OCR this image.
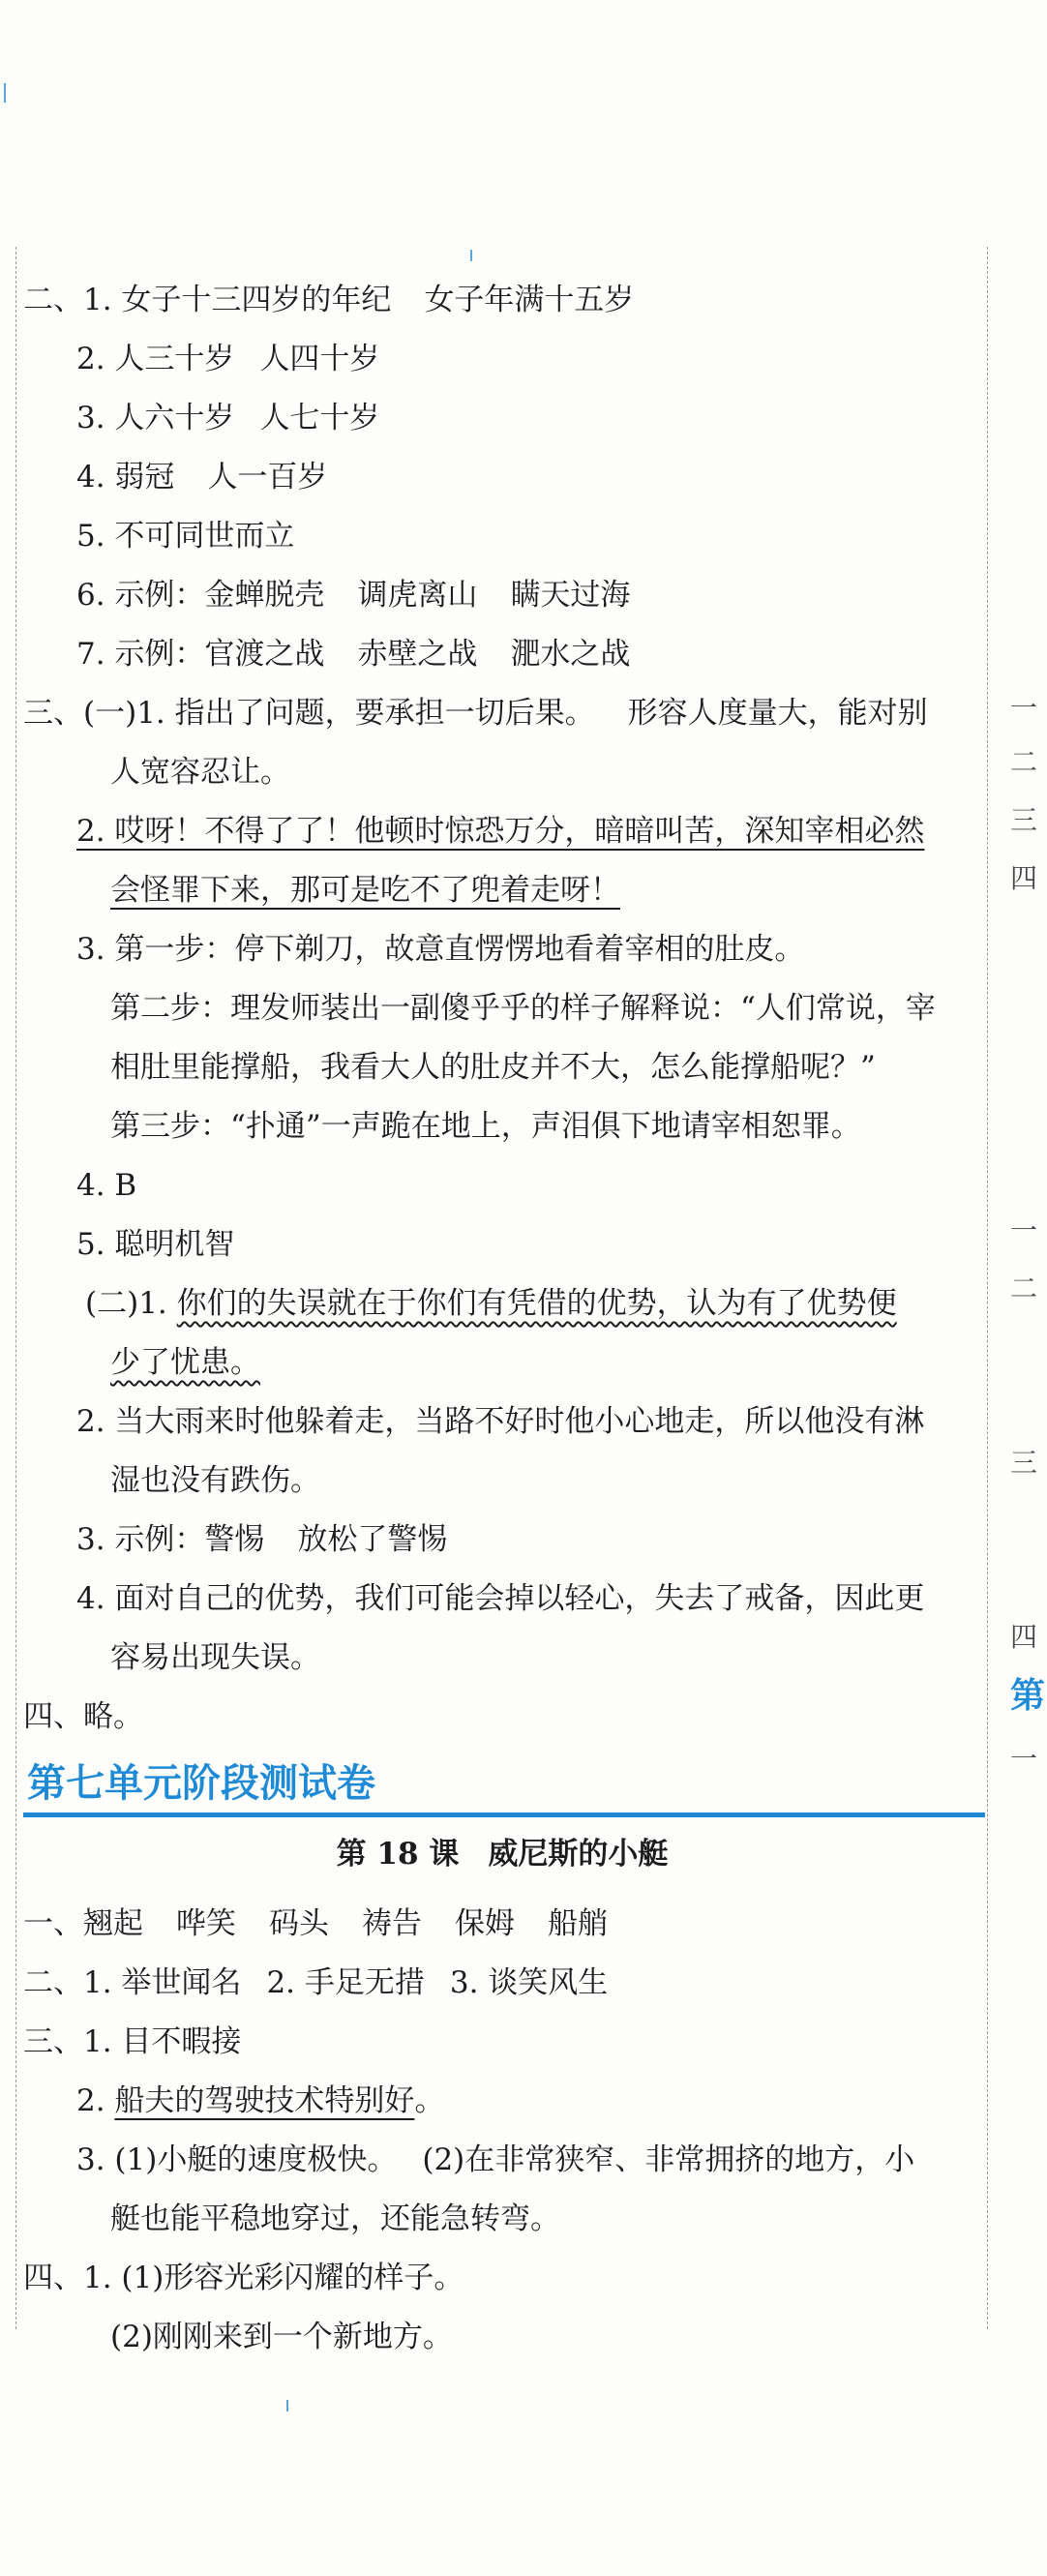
二、1. 女子十三四岁的年纪 女子年满十五岁
2. 人三十岁 人四十岁
3. 人六十岁 人七十岁
4. 弱冠 人一百岁
5. 不可同世而立
6. 示例：金蝉脱壳 调虎离山 瞒天过海
7. 示例：官渡之战 赤壁之战 淝水之战
三、(一)1. 指出了问题，要承担一切后果。 形容人度量大，能对别
人宽容忍让。
2. 哎呀！不得了了！他顿时惊恐万分，暗暗叫苦，深知宰相必然
会怪罪下来，那可是吃不了兜着走呀！
3. 第一步：停下剃刀，故意直愣愣地看着宰相的肚皮。
第二步：理发师装出一副傻乎乎的样子解释说：“人们常说，宰
相肚里能撑船，我看大人的肚皮并不大，怎么能撑船呢？”
第三步：“扑通”一声跪在地上，声泪俱下地请宰相恕罪。
4. B
5. 聪明机智
(二)1. 你们的失误就在于你们有凭借的优势，认为有了优势便
少了忧患。
2. 当大雨来时他躲着走，当路不好时他小心地走，所以他没有淋
湿也没有跌伤。
3. 示例：警惕 放松了警惕
4. 面对自己的优势，我们可能会掉以轻心，失去了戒备，因此更
容易出现失误。
四、略。
第七单元阶段测试卷
第 18 课 威尼斯的小艇
一、翘起 哗笑 码头 祷告 保姆 船艄
二、1. 举世闻名 2. 手足无措 3. 谈笑风生
三、1. 目不暇接
2. 船夫的驾驶技术特别好。
3. (1)小艇的速度极快。 (2)在非常狭窄、非常拥挤的地方，小
艇也能平稳地穿过，还能急转弯。
四、1. (1)形容光彩闪耀的样子。
(2)刚刚来到一个新地方。
一
二
三
四
一
二
三
四
第
一
